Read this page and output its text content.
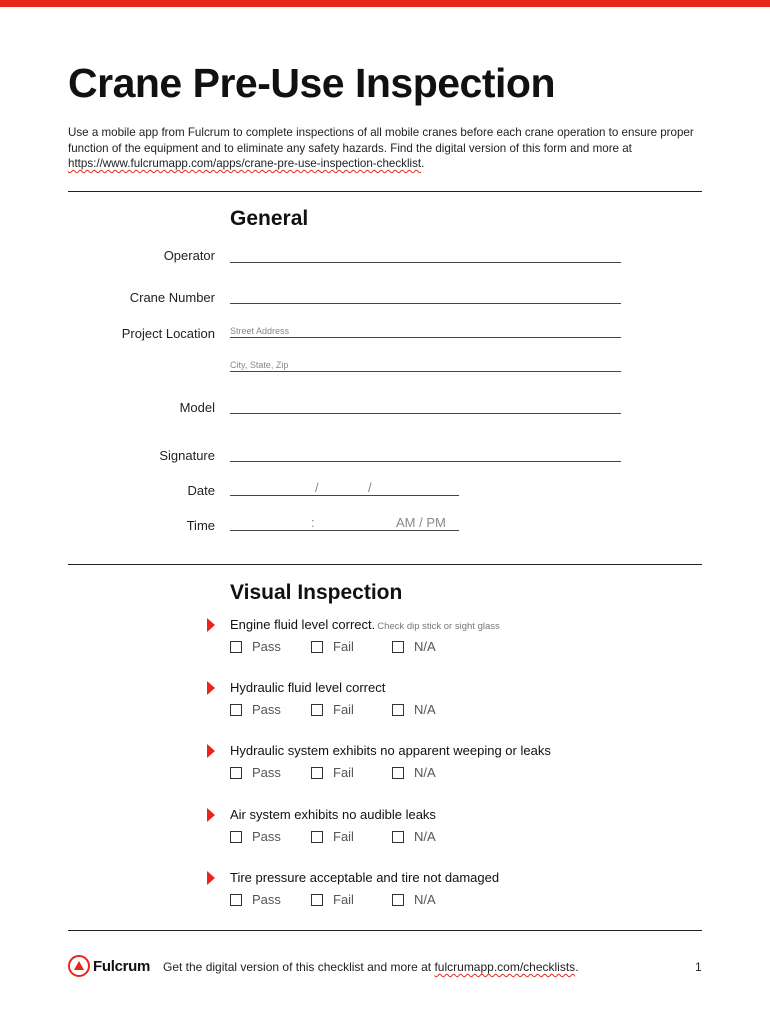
Crane Pre-Use Inspection

Use a mobile app from Fulcrum to complete inspections of all mobile cranes before each crane operation to ensure proper function of the equipment and to eliminate any safety hazards. Find the digital version of this form and more at https://www.fulcrumapp.com/apps/crane-pre-use-inspection-checklist.

General
Operator
Crane Number
Project Location Street Address
City, State, Zip
Model
Signature
Date	/	/
Time	:	AM / PM
Visual Inspection
Engine fluid level correct. Check dip stick or sight glass
Pass	Fail	N/A
Hydraulic fluid level correct
Pass	Fail	N/A
Hydraulic system exhibits no apparent weeping or leaks
Pass	Fail	N/A
Air system exhibits no audible leaks
Pass	Fail	N/A
Tire pressure acceptable and tire not damaged
Pass	Fail	N/A
Fulcrum Get the digital version of this checklist and more at fulcrumapp.com/checklists.	1
